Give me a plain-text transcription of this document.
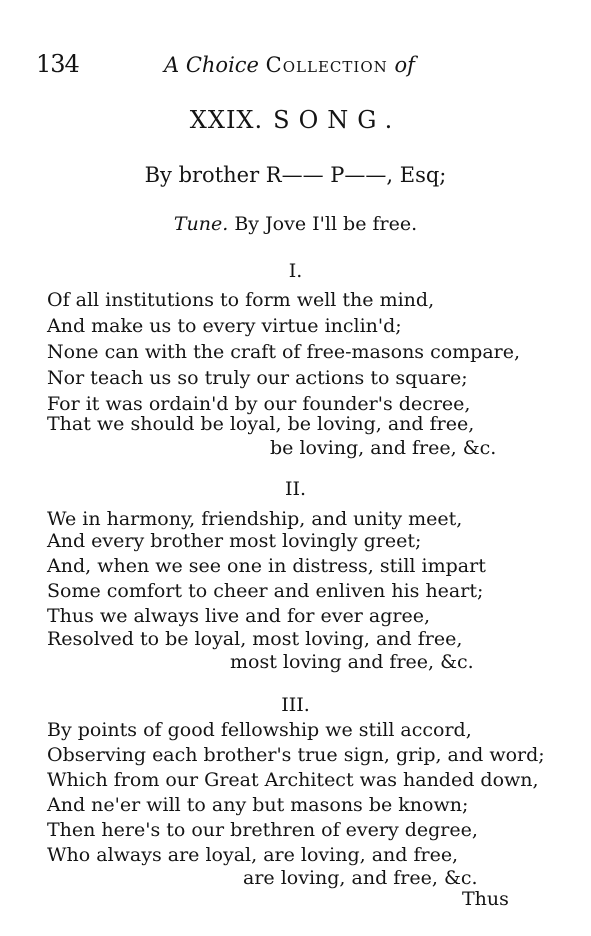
134	A Choice Collection of
XXIX. SONG.
By brother R—— P——, Esq;
Tune. By Jove I'll be free.
I.
Of all institutions to form well the mind,
And make us to every virtue inclin'd;
None can with the craft of free-masons compare,
Nor teach us so truly our actions to square;
For it was ordain'd by our founder's decree,
That we should be loyal, be loving, and free,
be loving, and free, &c.
II.
We in harmony, friendship, and unity meet,
And every brother most lovingly greet;
And, when we see one in distress, still impart
Some comfort to cheer and enliven his heart;
Thus we always live and for ever agree,
Resolved to be loyal, most loving, and free,
most loving and free, &c.
III.
By points of good fellowship we still accord,
Observing each brother's true sign, grip, and word;
Which from our Great Architect was handed down,
And ne'er will to any but masons be known;
Then here's to our brethren of every degree,
Who always are loyal, are loving, and free,
are loving, and free, &c.
Thus
